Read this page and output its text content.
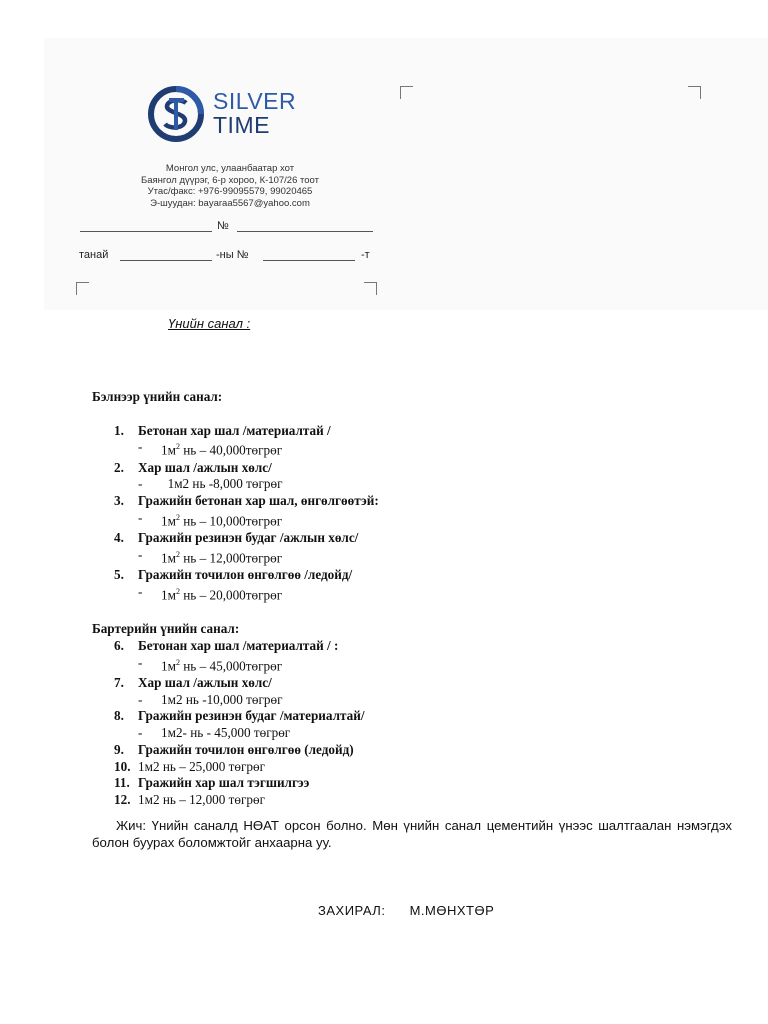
SILVER
TIME
Монгол улс, улаанбаатар хот
Баянгол дүүрэг, 6-р хороо, К-107/26 тоот
Утас/факс: +976-99095579, 99020465
Э-шуудан: bayaraa5567@yahoo.com
№
танай	-ны №	-т
Үнийн санал :
Бэлнээр үнийн санал:
1.	Бетонан хар шал /материалтай /
- $1м^2$ нь – 40,000төгрөг
2.	Хар шал /ажлын хөлс/
- 1м2 нь -8,000 төгрөг
3.	Гражийн бетонан хар шал, өнгөлгөөтэй:
- $1м^2$ нь – 10,000төгрөг
4.	Гражийн резинэн будаг /ажлын хөлс/
- $1м^2$ нь – 12,000төгрөг
5.	Гражийн точилон өнгөлгөө /ледойд/
- $1м^2$ нь – 20,000төгрөг
Бартерийн үнийн санал:
6.	Бетонан хар шал /материалтай / :
- $1м^2$ нь – 45,000төгрөг
7.	Хар шал /ажлын хөлс/
- 1м2 нь -10,000 төгрөг
8.	Гражийн резинэн будаг /материалтай/
- 1м2- нь - 45,000 төгрөг
9.	Гражийн точилон өнгөлгөө (ледойд)
10. 1м2 нь – 25,000 төгрөг
11. Гражийн хар шал тэгшилгээ
12. 1м2 нь – 12,000 төгрөг
Жич: Үнийн саналд НӨАТ орсон болно. Мөн үнийн санал цементийн үнээс шалтгаалан нэмэгдэх болон буурах боломжтойг анхаарна уу.
ЗАХИРАЛ: М.МӨНХТӨР
